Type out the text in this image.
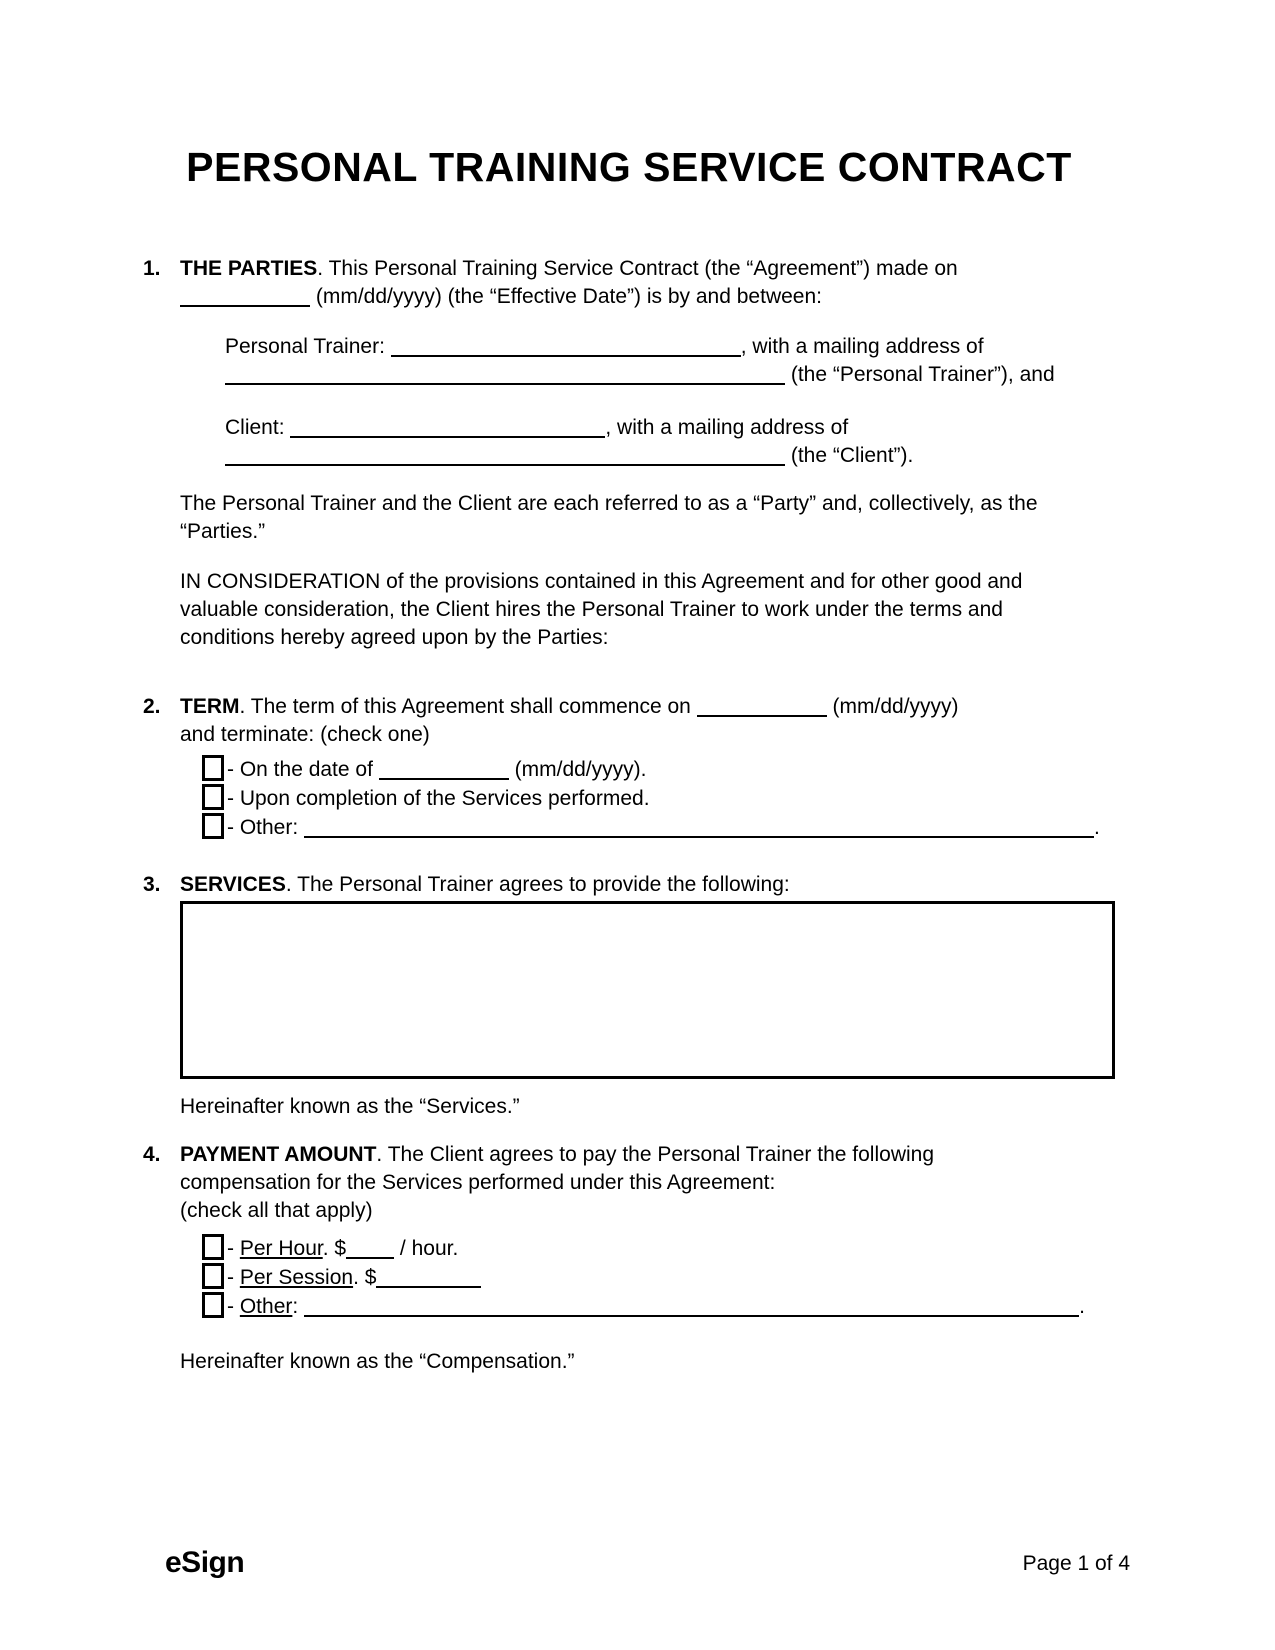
PERSONAL TRAINING SERVICE CONTRACT
1. THE PARTIES. This Personal Training Service Contract (the “Agreement”) made on
(mm/dd/yyyy) (the “Effective Date”) is by and between:
Personal Trainer:	, with a mailing address of
(the “Personal Trainer”), and
Client:	, with a mailing address of
(the “Client”).
The Personal Trainer and the Client are each referred to as a “Party” and, collectively, as the
“Parties.”
IN CONSIDERATION of the provisions contained in this Agreement and for other good and
valuable consideration, the Client hires the Personal Trainer to work under the terms and
conditions hereby agreed upon by the Parties:
2. TERM. The term of this Agreement shall commence on	(mm/dd/yyyy)
and terminate: (check one)
- On the date of	(mm/dd/yyyy).
- Upon completion of the Services performed.
- Other:	.
3. SERVICES. The Personal Trainer agrees to provide the following:
Hereinafter known as the “Services.”
4. PAYMENT AMOUNT. The Client agrees to pay the Personal Trainer the following
compensation for the Services performed under this Agreement:
(check all that apply)
- Per Hour. $	/ hour.
- Per Session. $
- Other:	.
Hereinafter known as the “Compensation.”
eSign	Page 1 of 4
